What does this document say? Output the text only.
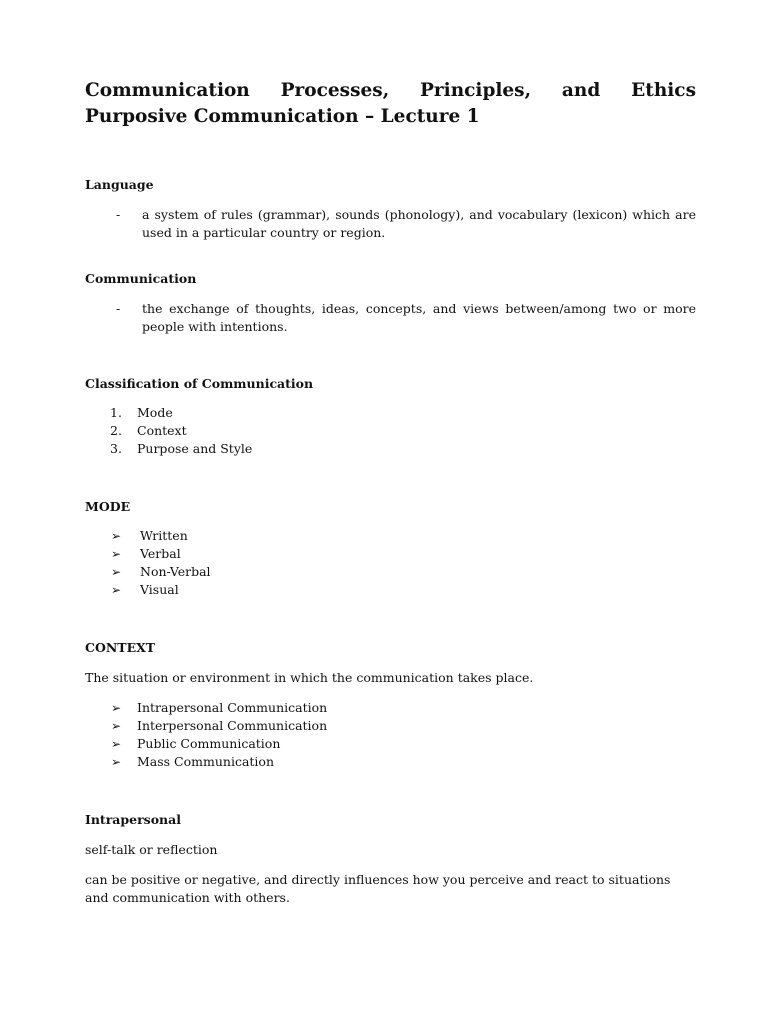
Communication Processes, Principles, and Ethics Purposive Communication – Lecture 1

Language

-	a system of rules (grammar), sounds (phonology), and vocabulary (lexicon) which are used in a particular country or region.

Communication

-	the exchange of thoughts, ideas, concepts, and views between/among two or more people with intentions.

Classification of Communication

1.	Mode
2.	Context
3.	Purpose and Style

MODE

➢	Written
➢	Verbal
➢	Non-Verbal
➢	Visual

CONTEXT

The situation or environment in which the communication takes place.

➢	Intrapersonal Communication
➢	Interpersonal Communication
➢	Public Communication
➢	Mass Communication

Intrapersonal

self-talk or reflection

can be positive or negative, and directly influences how you perceive and react to situations and communication with others.
